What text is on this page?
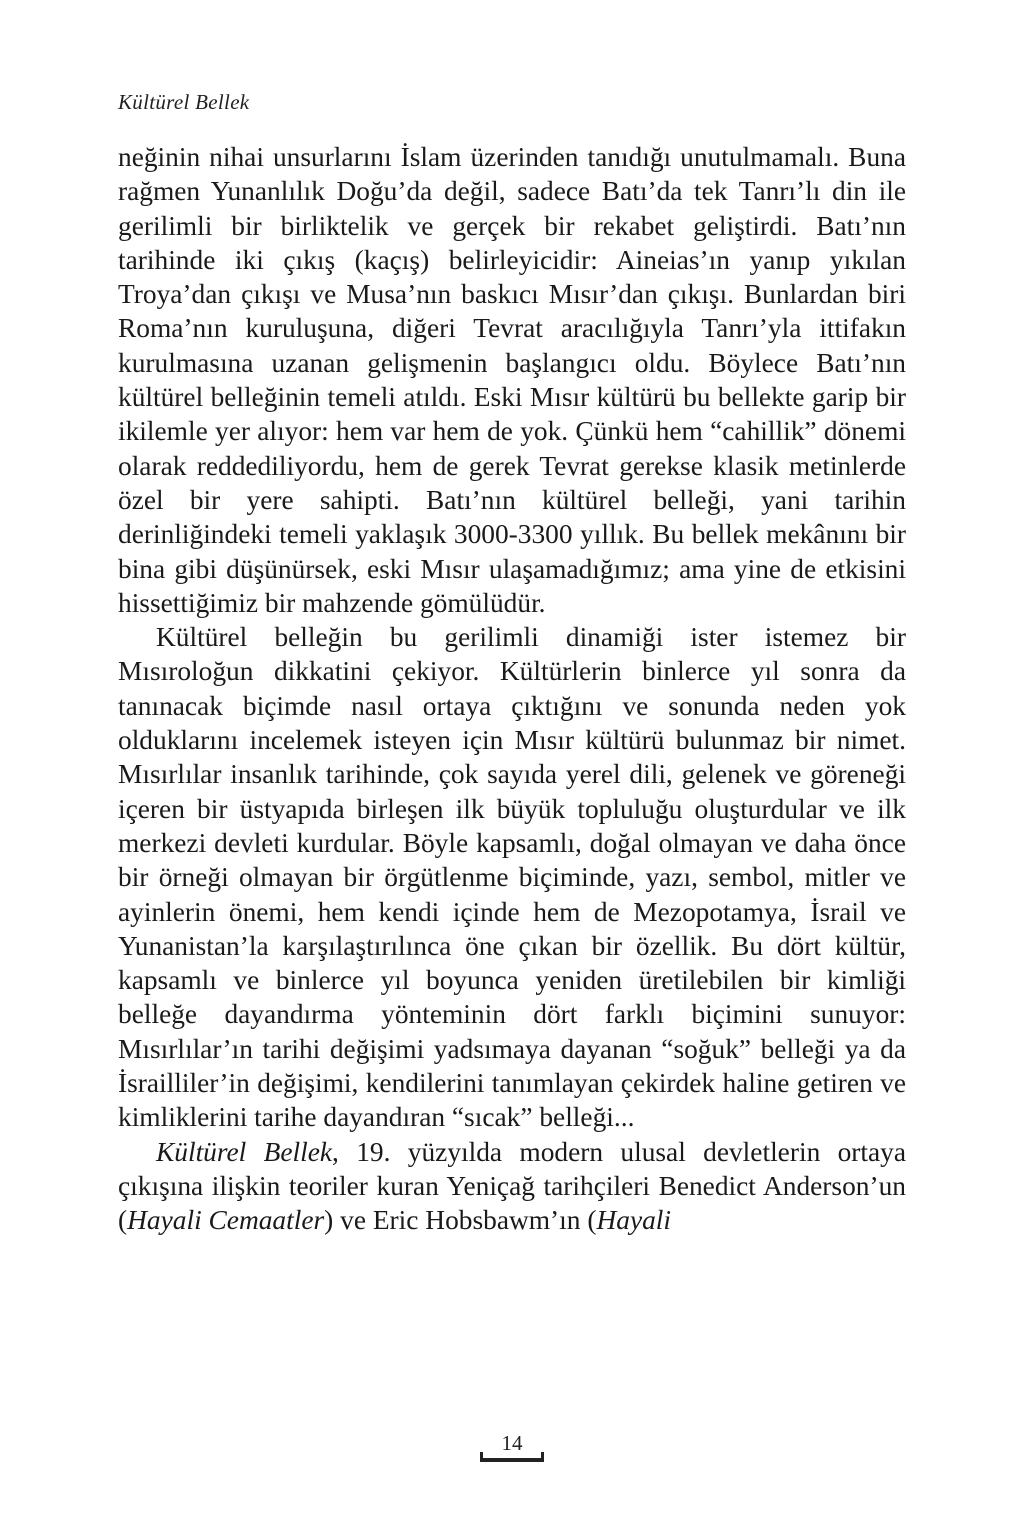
Kültürel Bellek

neğinin nihai unsurlarını İslam üzerinden tanıdığı unutulmamalı. Buna rağmen Yunanlılık Doğu’da değil, sadece Batı’da tek Tanrı’lı din ile gerilimli bir birliktelik ve gerçek bir rekabet geliştirdi. Batı’nın tarihinde iki çıkış (kaçış) belirleyicidir: Aineias’ın yanıp yıkılan Troya’dan çıkışı ve Musa’nın baskıcı Mısır’dan çıkışı. Bunlardan biri Roma’nın kuruluşuna, diğeri Tevrat aracılığıyla Tanrı’yla ittifakın kurulmasına uzanan gelişmenin başlangıcı oldu. Böylece Batı’nın kültürel belleğinin temeli atıldı. Eski Mısır kültürü bu bellekte garip bir ikilemle yer alıyor: hem var hem de yok. Çünkü hem “cahillik” dönemi olarak reddediliyordu, hem de gerek Tevrat gerekse klasik metinlerde özel bir yere sahipti. Batı’nın kültürel belleği, yani tarihin derinliğindeki temeli yaklaşık 3000-3300 yıllık. Bu bellek mekânını bir bina gibi düşünürsek, eski Mısır ulaşamadığımız; ama yine de etkisini hissettiğimiz bir mahzende gömülüdür.

Kültürel belleğin bu gerilimli dinamiği ister istemez bir Mısıroloğun dikkatini çekiyor. Kültürlerin binlerce yıl sonra da tanınacak biçimde nasıl ortaya çıktığını ve sonunda neden yok olduklarını incelemek isteyen için Mısır kültürü bulunmaz bir nimet. Mısırlılar insanlık tarihinde, çok sayıda yerel dili, gelenek ve göreneği içeren bir üstyapıda birleşen ilk büyük topluluğu oluşturdular ve ilk merkezi devleti kurdular. Böyle kapsamlı, doğal olmayan ve daha önce bir örneği olmayan bir örgütlenme biçiminde, yazı, sembol, mitler ve ayinlerin önemi, hem kendi içinde hem de Mezopotamya, İsrail ve Yunanistan’la karşılaştırılınca öne çıkan bir özellik. Bu dört kültür, kapsamlı ve binlerce yıl boyunca yeniden üretilebilen bir kimliği belleğe dayandırma yönteminin dört farklı biçimini sunuyor: Mısırlılar’ın tarihi değişimi yadsımaya dayanan “soğuk” belleği ya da İsrailliler’in değişimi, kendilerini tanımlayan çekirdek haline getiren ve kimliklerini tarihe dayandıran “sıcak” belleği...

Kültürel Bellek, 19. yüzyılda modern ulusal devletlerin ortaya çıkışına ilişkin teoriler kuran Yeniçağ tarihçileri Benedict Anderson’un (Hayali Cemaatler) ve Eric Hobsbawm’ın (Hayali

14
